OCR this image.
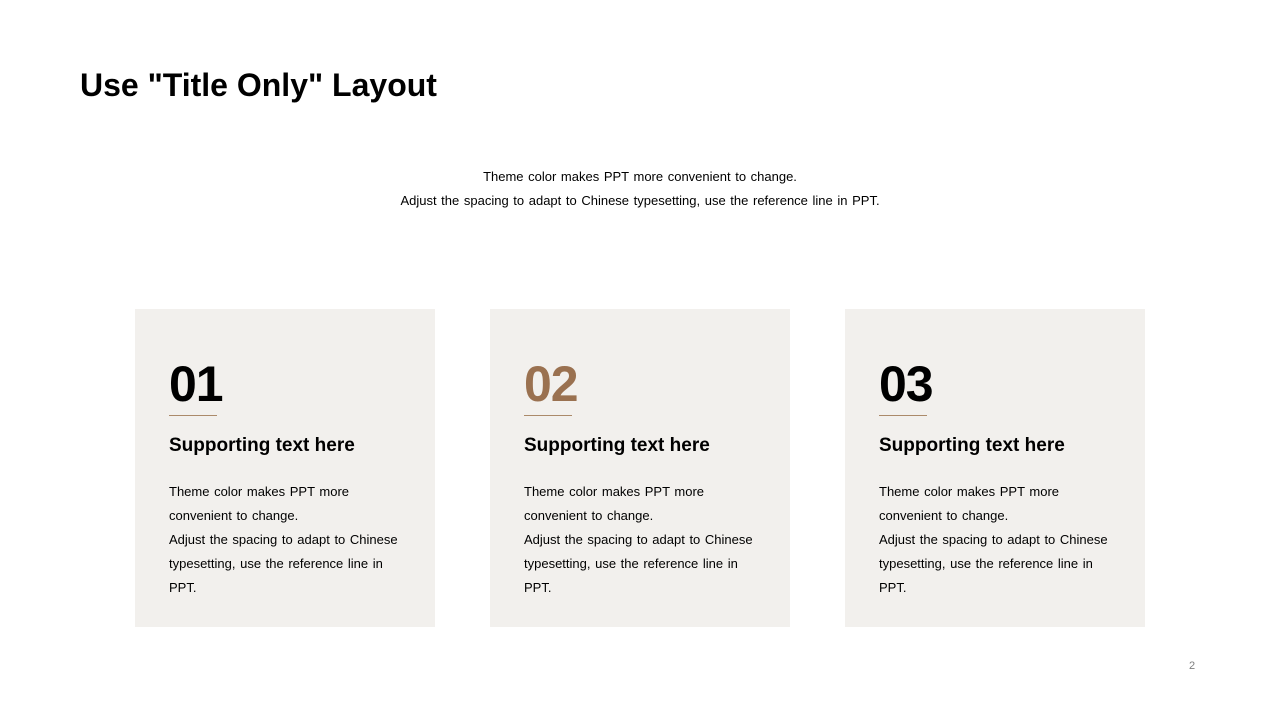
Use "Title Only" Layout

Theme color makes PPT more convenient to change.

Adjust the spacing to adapt to Chinese typesetting, use the reference line in PPT.

01
Supporting text here

Theme color makes PPT more convenient to change.

Adjust the spacing to adapt to Chinese typesetting, use the reference line in PPT.

02
Supporting text here

Theme color makes PPT more convenient to change.

Adjust the spacing to adapt to Chinese typesetting, use the reference line in PPT.

03
Supporting text here

Theme color makes PPT more convenient to change.

Adjust the spacing to adapt to Chinese typesetting, use the reference line in PPT.

2
